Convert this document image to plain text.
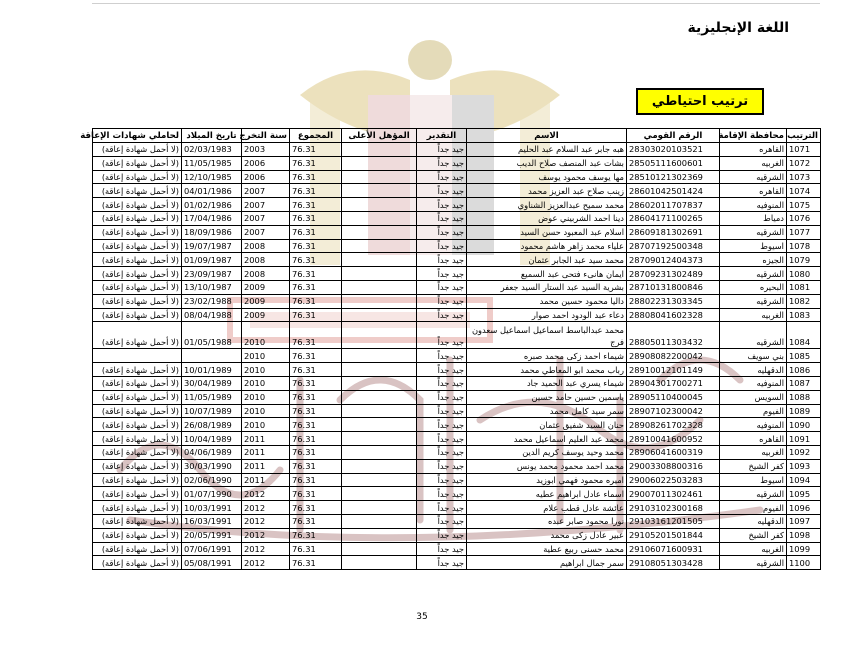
اللغة الإنجليزية
ترتيب احتياطي
الترتيب	محافظة الإقامة	الرقم القومي	الاسم	التقدير	المؤهل الأعلى	المجموع	سنة التخرج	تاريخ الميلاد	لحاملي شهادات الإعاقة
1071	القاهره	28303020103521	هبه جابر عبد السلام عبد الحليم	جيد جداً		76.31	2003	02/03/1983	(لا أحمل شهادة إعاقة)
1072	الغربيه	28505111600601	بشات عبد المنصف صلاح الديب	جيد جداً		76.31	2006	11/05/1985	(لا أحمل شهادة إعاقة)
1073	الشرقيه	28510121302369	مها يوسف محمود يوسف	جيد جداً		76.31	2006	12/10/1985	(لا أحمل شهادة إعاقة)
1074	القاهره	28601042501424	زينب صلاح عبد العزيز محمد	جيد جداً		76.31	2007	04/01/1986	(لا أحمل شهادة إعاقة)
1075	المنوفيه	28602011707837	محمد سميح عبدالعزيز الشناوي	جيد جداً		76.31	2007	01/02/1986	(لا أحمل شهادة إعاقة)
1076	دمياط	28604171100265	دينا احمد الشربيني عوض	جيد جداً		76.31	2007	17/04/1986	(لا أحمل شهادة إعاقة)
1077	الشرقيه	28609181302691	اسلام عبد المعبود حسن السيد	جيد جداً		76.31	2007	18/09/1986	(لا أحمل شهادة إعاقة)
1078	اسيوط	28707192500348	علياء محمد زاهر هاشم محمود	جيد جداً		76.31	2008	19/07/1987	(لا أحمل شهادة إعاقة)
1079	الجيزه	28709012404373	محمد سيد عبد الجابر عثمان	جيد جداً		76.31	2008	01/09/1987	(لا أحمل شهادة إعاقة)
1080	الشرقيه	28709231302489	ايمان هانىء فتحى عبد السميع	جيد جداً		76.31	2008	23/09/1987	(لا أحمل شهادة إعاقة)
1081	البحيره	28710131800846	بشرية السيد عبد الستار السيد جعفر	جيد جداً		76.31	2009	13/10/1987	(لا أحمل شهادة إعاقة)
1082	الشرقيه	28802231303345	داليا محمود حسين محمد	جيد جداً		76.31	2009	23/02/1988	(لا أحمل شهادة إعاقة)
1083	الغربيه	28808041602328	دعاء عبد الودود احمد صوار	جيد جداً		76.31	2009	08/04/1988	(لا أحمل شهادة إعاقة)
1084	الشرقيه	28805011303432	محمد عبدالباسط اسماعيل اسماعيل سعدون فرج	جيد جداً		76.31	2010	01/05/1988	(لا أحمل شهادة إعاقة)
1085	بني سويف	28908082200042	شيماء احمد زكى محمد صبره	جيد جداً		76.31	2010		
1086	الدقهليه	28910012101149	رباب محمد ابو المعاطي محمد	جيد جداً		76.31	2010	10/01/1989	(لا أحمل شهادة إعاقة)
1087	المنوفيه	28904301700271	شيماء يسري عبد الحميد جاد	جيد جداً		76.31	2010	30/04/1989	(لا أحمل شهادة إعاقة)
1088	السويس	28905110400045	ياسمين حسين حامد حسين	جيد جداً		76.31	2010	11/05/1989	(لا أحمل شهادة إعاقة)
1089	الفيوم	28907102300042	سمر سيد كامل محمد	جيد جداً		76.31	2010	10/07/1989	(لا أحمل شهادة إعاقة)
1090	المنوفيه	28908261702328	حنان السيد شفيق عثمان	جيد جداً		76.31	2010	26/08/1989	(لا أحمل شهادة إعاقة)
1091	القاهره	28910041600952	محمد عبد العليم اسماعيل محمد	جيد جداً		76.31	2011	10/04/1989	(لا أحمل شهادة إعاقة)
1092	الغربيه	28906041600319	محمد وحيد يوسف كريم الدين	جيد جداً		76.31	2011	04/06/1989	(لا أحمل شهادة إعاقة)
1093	كفر الشيخ	29003308800316	محمد احمد محمود محمد يونس	جيد جداً		76.31	2011	30/03/1990	(لا أحمل شهادة إعاقة)
1094	اسيوط	29006022503283	اميره محمود فهمي ابوزيد	جيد جداً		76.31	2011	02/06/1990	(لا أحمل شهادة إعاقة)
1095	الشرقيه	29007011302461	اسماء عادل ابراهيم عطيه	جيد جداً		76.31	2012	01/07/1990	(لا أحمل شهادة إعاقة)
1096	الفيوم	29103102300168	عائشة عادل قطب علام	جيد جداً		76.31	2012	10/03/1991	(لا أحمل شهادة إعاقة)
1097	الدقهليه	29103161201505	نورا محمود صابر عبده	جيد جداً		76.31	2012	16/03/1991	(لا أحمل شهادة إعاقة)
1098	كفر الشيخ	29105201501844	عبير عادل زكى محمد	جيد جداً		76.31	2012	20/05/1991	(لا أحمل شهادة إعاقة)
1099	الغربيه	29106071600931	محمد حسنى ربيع عطية	جيد جداً		76.31	2012	07/06/1991	(لا أحمل شهادة إعاقة)
1100	الشرقيه	29108051303428	سمر جمال ابراهيم	جيد جداً		76.31	2012	05/08/1991	(لا أحمل شهادة إعاقة)
35
